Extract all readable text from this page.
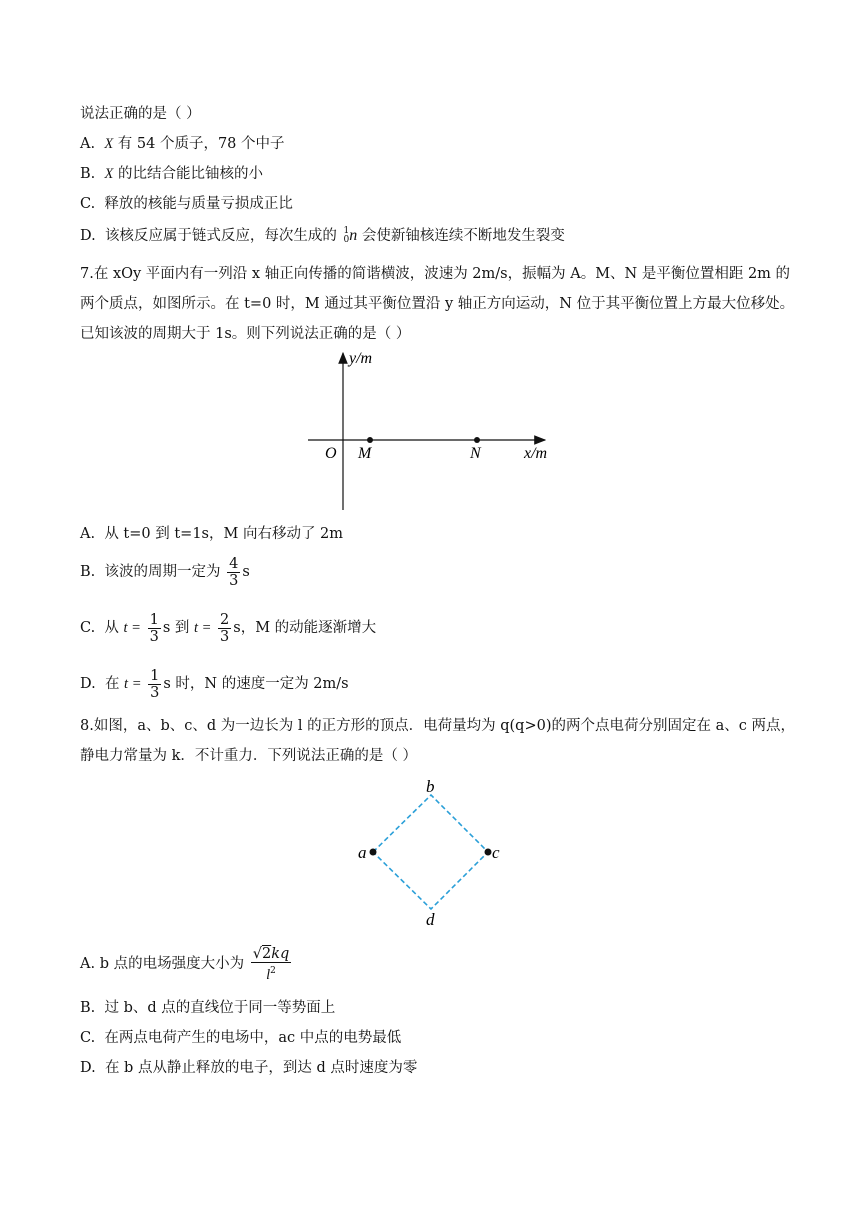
说法正确的是（ ）
A. X 有 54 个质子，78 个中子
B. X 的比结合能比铀核的小
C. 释放的核能与质量亏损成正比
D. 该核反应属于链式反应，每次生成的 1
0 n 会使新铀核连续不断地发生裂变
7.在 xOy 平面内有一列沿 x 轴正向传播的简谐横波，波速为 2m/s，振幅为 A。M、N 是平衡位置相距 2m 的
两个质点，如图所示。在 t=0 时，M 通过其平衡位置沿 y 轴正方向运动，N 位于其平衡位置上方最大位移处。
已知该波的周期大于 1s。则下列说法正确的是（ ）
y/m
x/m
O M	N
A. 从 t=0 到 t=1s，M 向右移动了 2m
B. 该波的周期一定为 $\frac{4}{3}$ s
C. 从 $t = \frac{1}{3}$ s 到 $t = \frac{2}{3}$ s，M 的动能逐渐增大
D. 在 $t = \frac{1}{3}$ s 时，N 的速度一定为 2m/s
8.如图，a、b、c、d 为一边长为 l 的正方形的顶点．电荷量均为 q(q>0)的两个点电荷分别固定在 a、c 两点，
静电力常量为 k．不计重力．下列说法正确的是（ ）
b
a	c
d
A. b 点的电场强度大小为 $\frac{√2kq}{l^2}$
B. 过 b、d 点的直线位于同一等势面上
C. 在两点电荷产生的电场中，ac 中点的电势最低
D. 在 b 点从静止释放的电子，到达 d 点时速度为零
